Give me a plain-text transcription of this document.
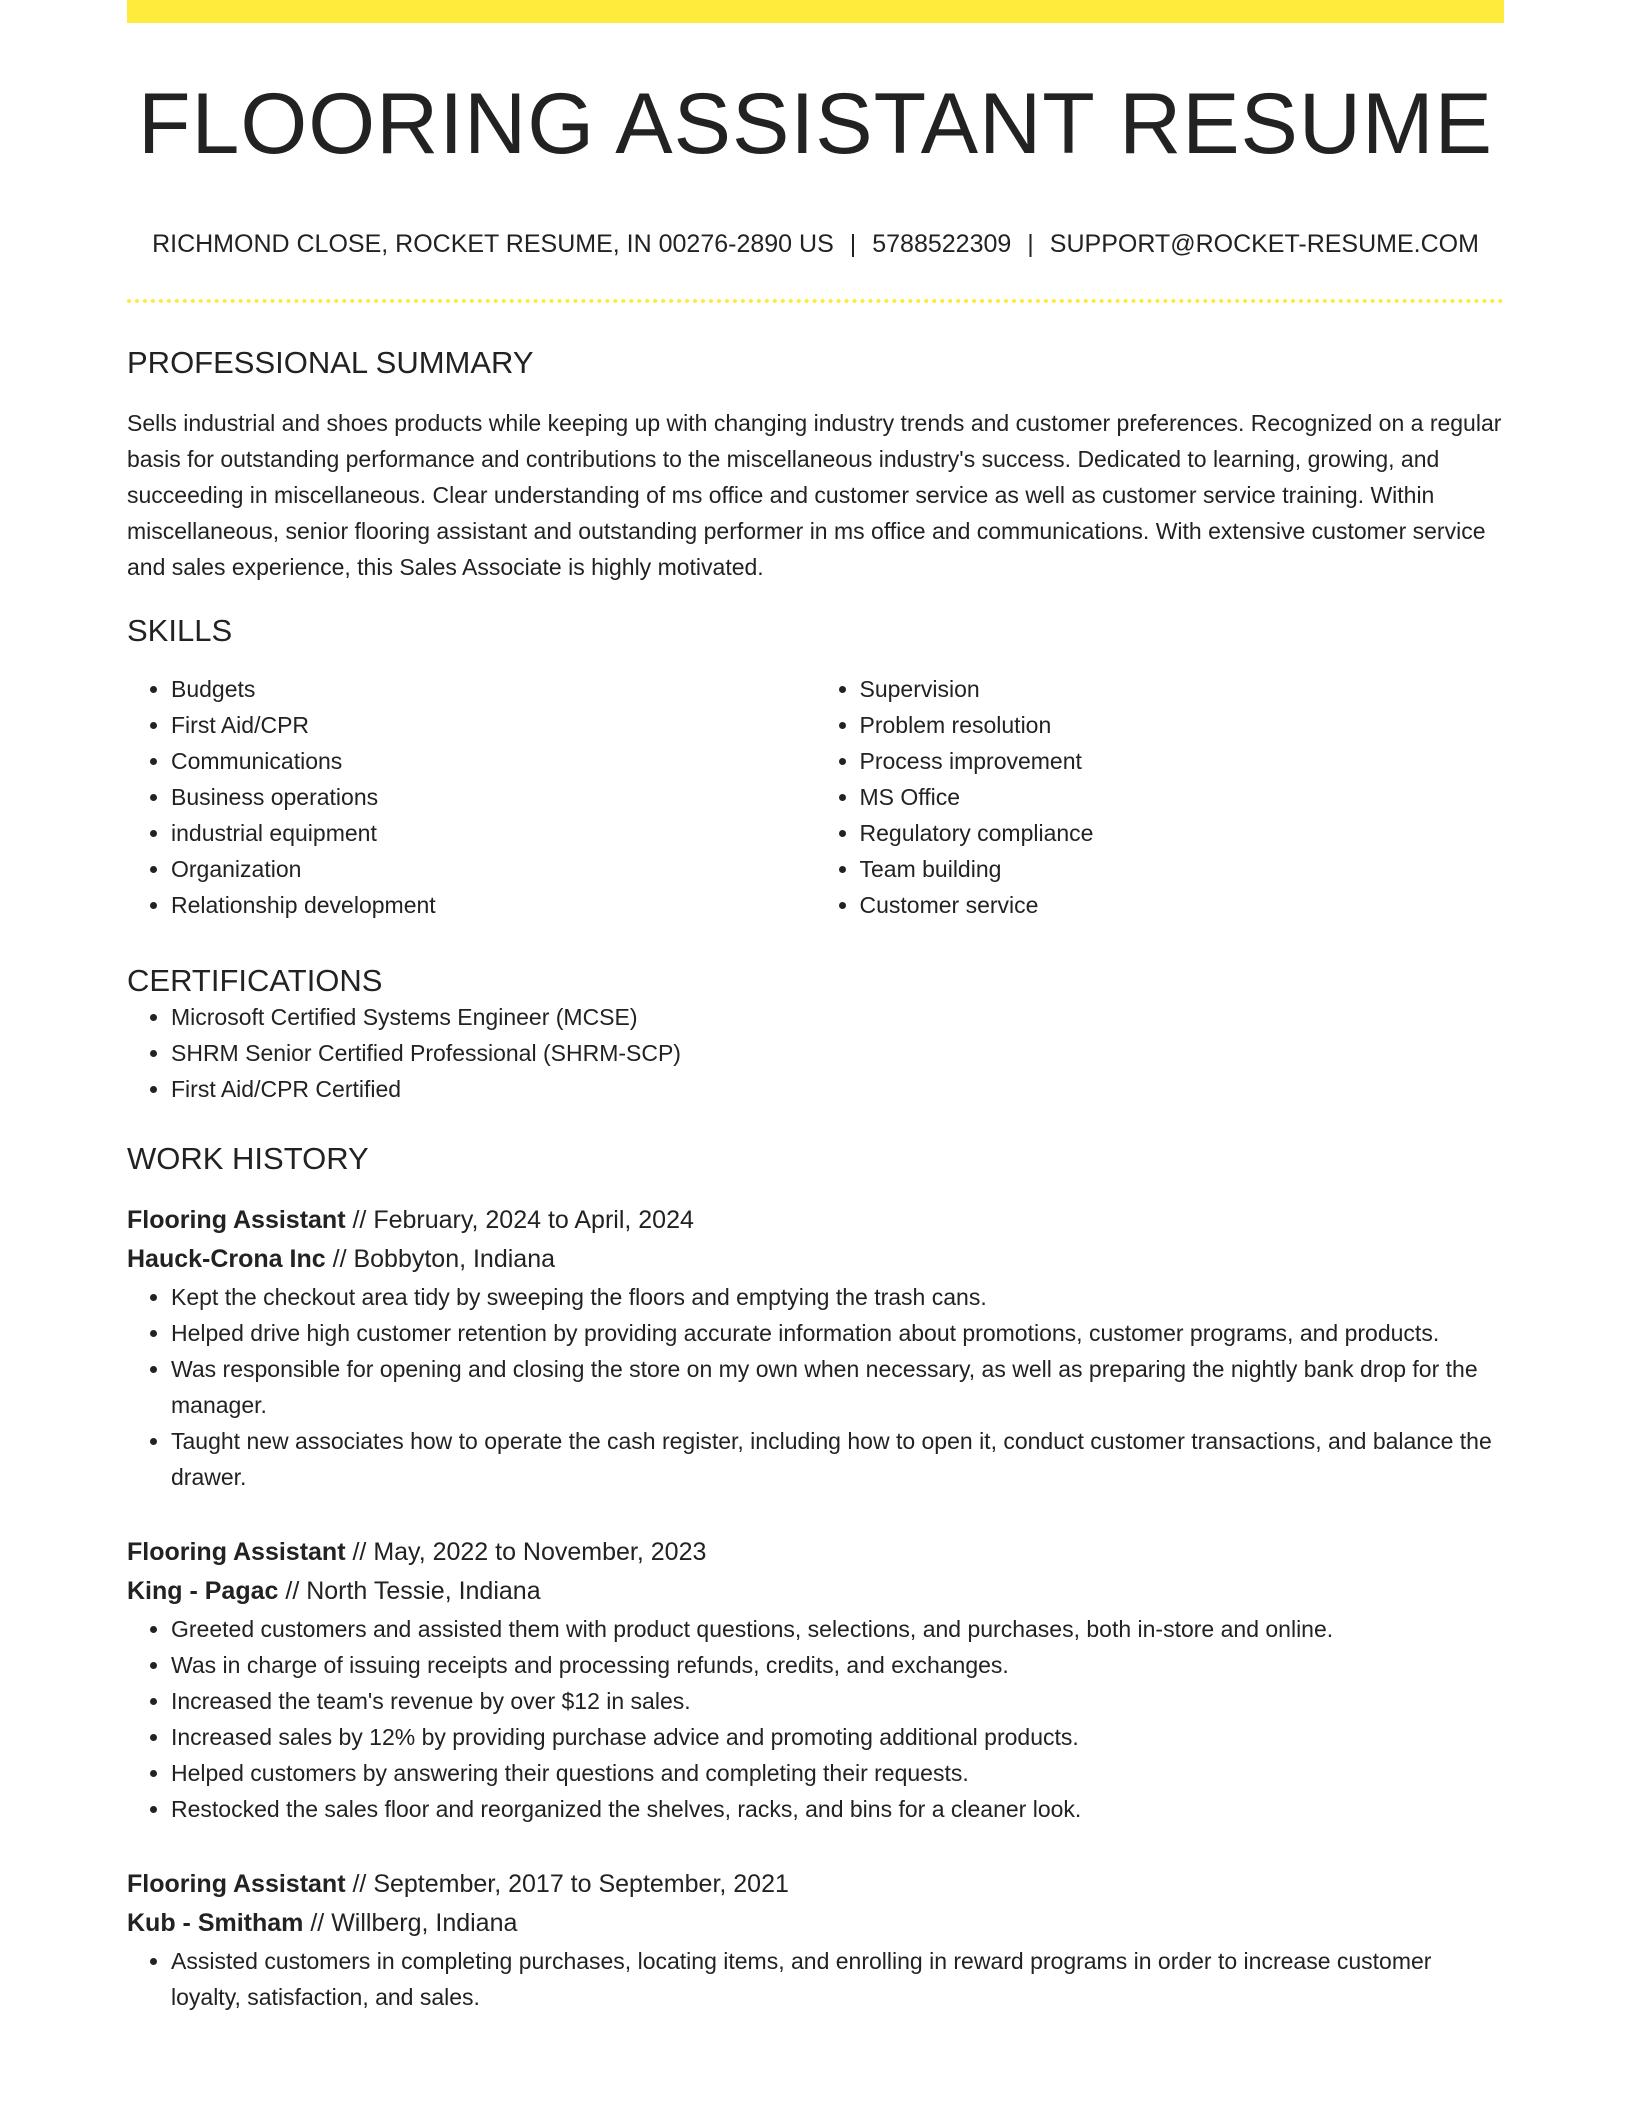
FLOORING ASSISTANT RESUME
RICHMOND CLOSE, ROCKET RESUME, IN 00276-2890 US | 5788522309 | SUPPORT@ROCKET-RESUME.COM
PROFESSIONAL SUMMARY
Sells industrial and shoes products while keeping up with changing industry trends and customer preferences. Recognized on a regular basis for outstanding performance and contributions to the miscellaneous industry's success. Dedicated to learning, growing, and succeeding in miscellaneous. Clear understanding of ms office and customer service as well as customer service training. Within miscellaneous, senior flooring assistant and outstanding performer in ms office and communications. With extensive customer service and sales experience, this Sales Associate is highly motivated.
SKILLS
• Budgets
• First Aid/CPR
• Communications
• Business operations
• industrial equipment
• Organization
• Relationship development
• Supervision
• Problem resolution
• Process improvement
• MS Office
• Regulatory compliance
• Team building
• Customer service
CERTIFICATIONS
• Microsoft Certified Systems Engineer (MCSE)
• SHRM Senior Certified Professional (SHRM-SCP)
• First Aid/CPR Certified
WORK HISTORY
Flooring Assistant // February, 2024 to April, 2024
Hauck-Crona Inc // Bobbyton, Indiana
• Kept the checkout area tidy by sweeping the floors and emptying the trash cans.
• Helped drive high customer retention by providing accurate information about promotions, customer programs, and products.
• Was responsible for opening and closing the store on my own when necessary, as well as preparing the nightly bank drop for the manager.
• Taught new associates how to operate the cash register, including how to open it, conduct customer transactions, and balance the drawer.
Flooring Assistant // May, 2022 to November, 2023
King - Pagac // North Tessie, Indiana
• Greeted customers and assisted them with product questions, selections, and purchases, both in-store and online.
• Was in charge of issuing receipts and processing refunds, credits, and exchanges.
• Increased the team's revenue by over $12 in sales.
• Increased sales by 12% by providing purchase advice and promoting additional products.
• Helped customers by answering their questions and completing their requests.
• Restocked the sales floor and reorganized the shelves, racks, and bins for a cleaner look.
Flooring Assistant // September, 2017 to September, 2021
Kub - Smitham // Willberg, Indiana
• Assisted customers in completing purchases, locating items, and enrolling in reward programs in order to increase customer loyalty, satisfaction, and sales.
